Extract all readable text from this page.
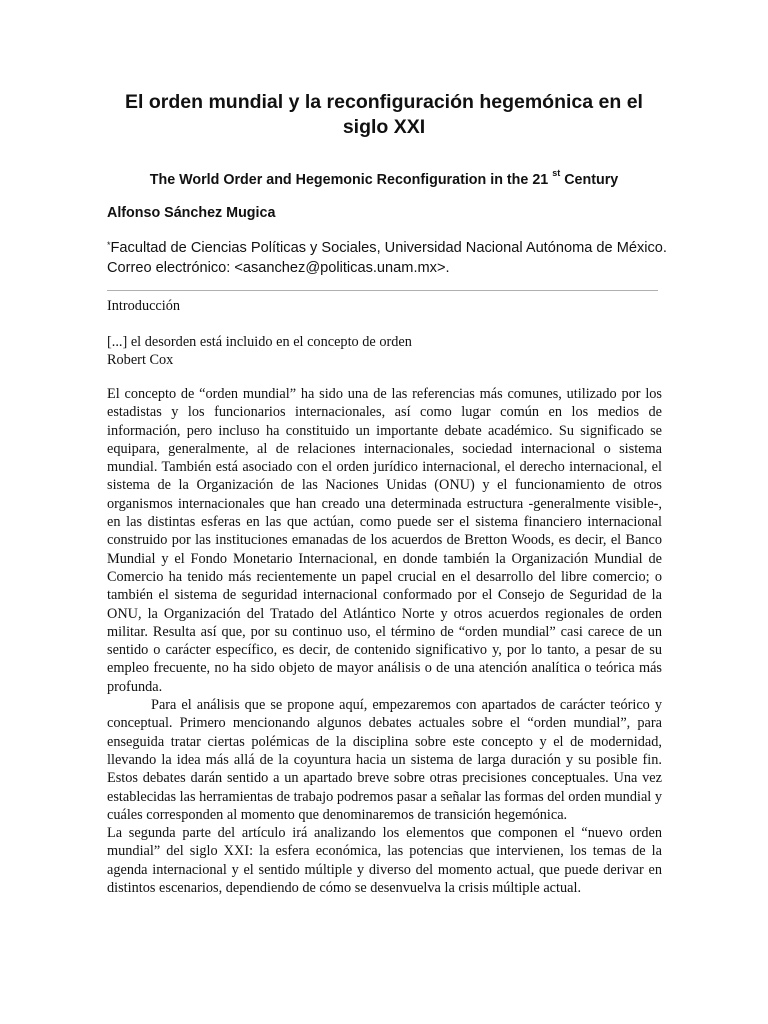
El orden mundial y la reconfiguración hegemónica en el siglo XXI

The World Order and Hegemonic Reconfiguration in the 21 $^{st}$ Century

Alfonso Sánchez Mugica

*Facultad de Ciencias Políticas y Sociales, Universidad Nacional Autónoma de México. Correo electrónico: <asanchez@politicas.unam.mx>.

Introducción

[...] el desorden está incluido en el concepto de orden
Robert Cox

El concepto de “orden mundial” ha sido una de las referencias más comunes, utilizado por los estadistas y los funcionarios internacionales, así como lugar común en los medios de información, pero incluso ha constituido un importante debate académico. Su significado se equipara, generalmente, al de relaciones internacionales, sociedad internacional o sistema mundial. También está asociado con el orden jurídico internacional, el derecho internacional, el sistema de la Organización de las Naciones Unidas (ONU) y el funcionamiento de otros organismos internacionales que han creado una determinada estructura -generalmente visible-, en las distintas esferas en las que actúan, como puede ser el sistema financiero internacional construido por las instituciones emanadas de los acuerdos de Bretton Woods, es decir, el Banco Mundial y el Fondo Monetario Internacional, en donde también la Organización Mundial de Comercio ha tenido más recientemente un papel crucial en el desarrollo del libre comercio; o también el sistema de seguridad internacional conformado por el Consejo de Seguridad de la ONU, la Organización del Tratado del Atlántico Norte y otros acuerdos regionales de orden militar. Resulta así que, por su continuo uso, el término de “orden mundial” casi carece de un sentido o carácter específico, es decir, de contenido significativo y, por lo tanto, a pesar de su empleo frecuente, no ha sido objeto de mayor análisis o de una atención analítica o teórica más profunda.

Para el análisis que se propone aquí, empezaremos con apartados de carácter teórico y conceptual. Primero mencionando algunos debates actuales sobre el “orden mundial”, para enseguida tratar ciertas polémicas de la disciplina sobre este concepto y el de modernidad, llevando la idea más allá de la coyuntura hacia un sistema de larga duración y su posible fin. Estos debates darán sentido a un apartado breve sobre otras precisiones conceptuales. Una vez establecidas las herramientas de trabajo podremos pasar a señalar las formas del orden mundial y cuáles corresponden al momento que denominaremos de transición hegemónica.

La segunda parte del artículo irá analizando los elementos que componen el “nuevo orden mundial” del siglo XXI: la esfera económica, las potencias que intervienen, los temas de la agenda internacional y el sentido múltiple y diverso del momento actual, que puede derivar en distintos escenarios, dependiendo de cómo se desenvuelva la crisis múltiple actual.
